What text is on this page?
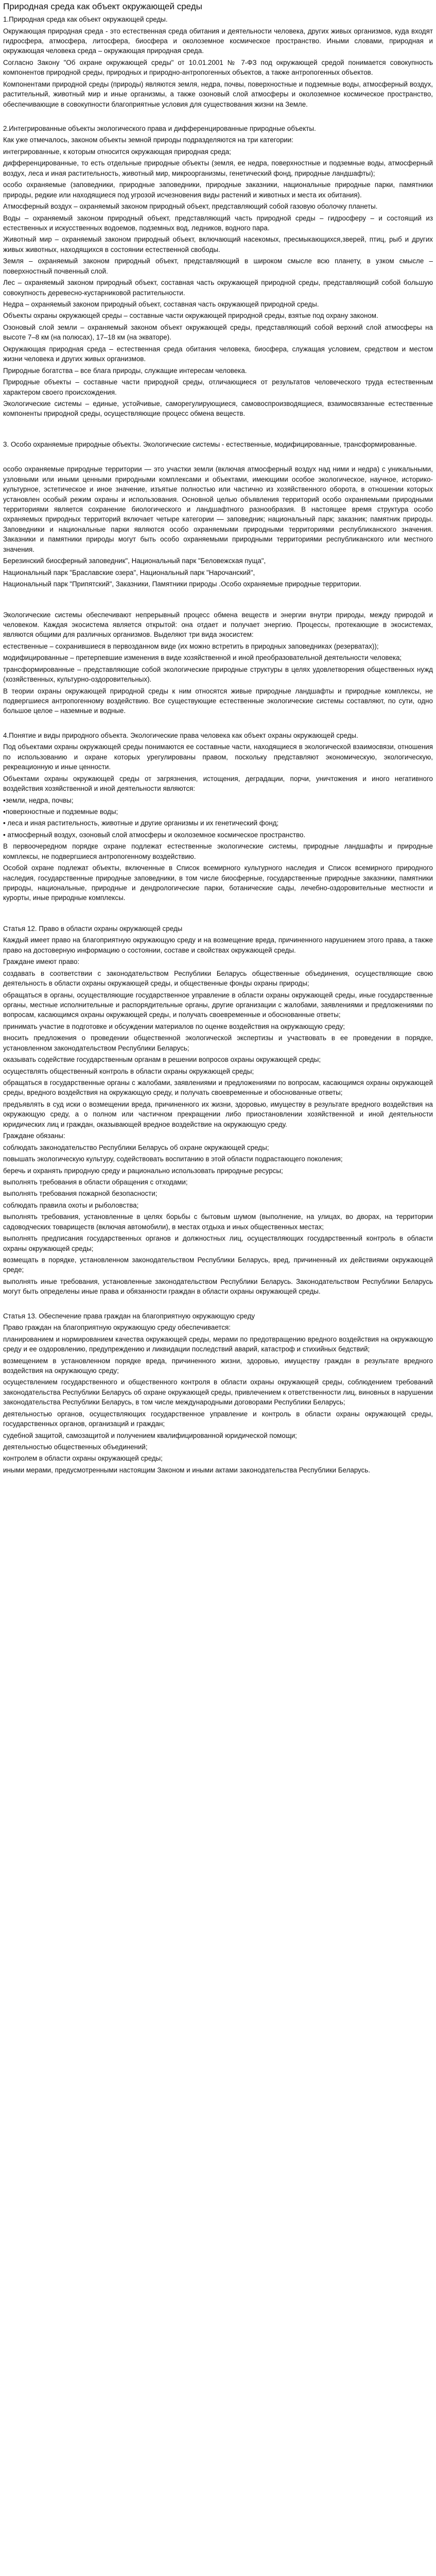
Природная среда как объект окружающей среды

1.Природная среда как объект окружающей среды.

Окружающая природная среда - это естественная среда обитания и деятельности человека, других живых организмов, куда входят гидросфера, атмосфера, литосфера, биосфера и околоземное космическое пространство. Иными словами, природная и окружающая человека среда – окружающая природная среда.

Согласно Закону "Об охране окружающей среды" от 10.01.2001 № 7-ФЗ под окружающей средой понимается совокупность компонентов природной среды, природных и природно-антропогенных объектов, а также антропогенных объектов.

Компонентами природной среды (природы) являются земля, недра, почвы, поверхностные и подземные воды, атмосферный воздух, растительный, животный мир и иные организмы, а также озоновый слой атмосферы и околоземное космическое пространство, обеспечивающие в совокупности благоприятные условия для существования жизни на Земле.

2.Интегрированные объекты экологического права и дифференцированные природные объекты.

Как уже отмечалось, законом объекты земной природы подразделяются на три категории:

интегрированные, к которым относится окружающая природная среда;

дифференцированные, то есть отдельные природные объекты (земля, ее недра, поверхностные и подземные воды, атмосферный воздух, леса и иная растительность, животный мир, микроорганизмы, генетический фонд, природные ландшафты);

особо охраняемые (заповедники, природные заповедники, природные заказники, национальные природные парки, памятники природы, редкие или находящиеся под угрозой исчезновения виды растений и животных и места их обитания).

Атмосферный воздух – охраняемый законом природный объект, представляющий собой газовую оболочку планеты.

Воды – охраняемый законом природный объект, представляющий часть природной среды – гидросферу – и состоящий из естественных и искусственных водоемов, подземных вод, ледников, водного пара.

Животный мир – охраняемый законом природный объект, включающий насекомых, пресмыкающихся,зверей, птиц, рыб и других живых животных, находящихся в состоянии естественной свободы.

Земля – охраняемый законом природный объект, представляющий в широком смысле всю планету, в узком смысле – поверхностный почвенный слой.

Лес – охраняемый законом природный объект, составная часть окружающей природной среды, представляющий собой большую совокупность деревесно-кустарниковой растительности.

Недра – охраняемый законом природный объект, составная часть окружающей природной среды.

Объекты охраны окружающей среды – составные части окружающей природной среды, взятые под охрану законом.

Озоновый слой земли – охраняемый законом объект окружающей среды, представляющий собой верхний слой атмосферы на высоте 7–8 км (на полюсах), 17–18 км (на экваторе).

Окружающая природная среда – естественная среда обитания человека, биосфера, служащая условием, средством и местом жизни человека и других живых организмов.

Природные богатства – все блага природы, служащие интересам человека.

Природные объекты – составные части природной среды, отличающиеся от результатов человеческого труда естественным характером своего происхождения.

Экологические системы – единые, устойчивые, саморегулирующиеся, самовоспроизводящиеся, взаимосвязанные естественные компоненты природной среды, осуществляющие процесс обмена веществ.

3. Особо охраняемые природные объекты. Экологические системы - естественные, модифицированные, трансформированные.

особо охраняемые природные территории — это участки земли (включая атмосферный воздух над ними и недра) с уникальными, узловными или иными ценными природными комплексами и объектами, имеющими особое экологическое, научное, историко-культурное, эстетическое и иное значение, изъятые полностью или частично из хозяйственного оборота, в отношении которых установлен особый режим охраны и использования. Основной целью объявления территорий особо охраняемыми природными территориями является сохранение биологического и ландшафтного разнообразия. В настоящее время структура особо охраняемых природных территорий включает четыре категории — заповедник; национальный парк; заказник; памятник природы. Заповедники и национальные парки являются особо охраняемыми природными территориями республиканского значения. Заказники и памятники природы могут быть особо охраняемыми природными территориями республиканского или местного значения.

Березинский биосферный заповедник", Национальный парк "Беловежская пуща",

Национальный парк "Браславские озера", Национальный парк "Нарочанский",

Национальный парк "Припятский", Заказники, Памятники природы .Особо охраняемые природные территории.

Экологические системы обеспечивают непрерывный процесс обмена веществ и энергии внутри природы, между природой и человеком. Каждая экосистема является открытой: она отдает и получает энергию. Процессы, протекающие в экосистемах, являются общими для различных организмов. Выделяют три вида экосистем:

естественные – сохранившиеся в первозданном виде (их можно встретить в природных заповедниках (резерватах));

модифицированные – претерпевшие изменения в виде хозяйственной и иной преобразовательной деятельности человека;

трансформированные – представляющие собой экологические природные структуры в целях удовлетворения общественных нужд (хозяйственных, культурно-оздоровительных).

В теории охраны окружающей природной среды к ним относятся живые природные ландшафты и природные комплексы, не подвергшиеся антропогенному воздействию. Все существующие естественные экологические системы составляют, по сути, одно большое целое – наземные и водные.

4.Понятие и виды природного объекта. Экологические права человека как объект охраны окружающей среды.

Под объектами охраны окружающей среды понимаются ее составные части, находящиеся в экологической взаимосвязи, отношения по использованию и охране которых урегулированы правом, поскольку представляют экономическую, экологическую, рекреационную и иные ценности.

Объектами охраны окружающей среды от загрязнения, истощения, деградации, порчи, уничтожения и иного негативного воздействия хозяйственной и иной деятельности являются:

•земли, недра, почвы;

•поверхностные и подземные воды;

• леса и иная растительность, животные и другие организмы и их генетический фонд;

• атмосферный воздух, озоновый слой атмосферы и околоземное космическое пространство.

В первоочередном порядке охране подлежат естественные экологические системы, природные ландшафты и природные комплексы, не подвергшиеся антропогенному воздействию.

Особой охране подлежат объекты, включенные в Список всемирного культурного наследия и Список всемирного природного наследия, государственные природные заповедники, в том числе биосферные, государственные природные заказники, памятники природы, национальные, природные и дендрологические парки, ботанические сады, лечебно-оздоровительные местности и курорты, иные природные комплексы.

Статья 12. Право в области охраны окружающей среды

Каждый имеет право на благоприятную окружающую среду и на возмещение вреда, причиненного нарушением этого права, а также право на достоверную информацию о состоянии, составе и свойствах окружающей среды.

Граждане имеют право:

создавать в соответствии с законодательством Республики Беларусь общественные объединения, осуществляющие свою деятельность в области охраны окружающей среды, и общественные фонды охраны природы;

обращаться в органы, осуществляющие государственное управление в области охраны окружающей среды, иные государственные органы, местные исполнительные и распорядительные органы, другие организации с жалобами, заявлениями и предложениями по вопросам, касающимся охраны окружающей среды, и получать своевременные и обоснованные ответы;

принимать участие в подготовке и обсуждении материалов по оценке воздействия на окружающую среду;

вносить предложения о проведении общественной экологической экспертизы и участвовать в ее проведении в порядке, установленном законодательством Республики Беларусь;

оказывать содействие государственным органам в решении вопросов охраны окружающей среды;

осуществлять общественный контроль в области охраны окружающей среды;

обращаться в государственные органы с жалобами, заявлениями и предложениями по вопросам, касающимся охраны окружающей среды, вредного воздействия на окружающую среду, и получать своевременные и обоснованные ответы;

предъявлять в суд иски о возмещении вреда, причиненного их жизни, здоровью, имуществу в результате вредного воздействия на окружающую среду, а о полном или частичном прекращении либо приостановлении хозяйственной и иной деятельности юридических лиц и граждан, оказывающей вредное воздействие на окружающую среду.

Граждане обязаны:

соблюдать законодательство Республики Беларусь об охране окружающей среды;

повышать экологическую культуру, содействовать воспитанию в этой области подрастающего поколения;

беречь и охранять природную среду и рационально использовать природные ресурсы;

выполнять требования в области обращения с отходами;

выполнять требования пожарной безопасности;

соблюдать правила охоты и рыболовства;

выполнять требования, установленные в целях борьбы с бытовым шумом (выполнение, на улицах, во дворах, на территории садоводческих товариществ (включая автомобили), в местах отдыха и иных общественных местах;

выполнять предписания государственных органов и должностных лиц, осуществляющих государственный контроль в области охраны окружающей среды;

возмещать в порядке, установленном законодательством Республики Беларусь, вред, причиненный их действиями окружающей среде;

выполнять иные требования, установленные законодательством Республики Беларусь. Законодательством Республики Беларусь могут быть определены иные права и обязанности граждан в области охраны окружающей среды.

Статья 13. Обеспечение права граждан на благоприятную окружающую среду

Право граждан на благоприятную окружающую среду обеспечивается:

планированием и нормированием качества окружающей среды, мерами по предотвращению вредного воздействия на окружающую среду и ее оздоровлению, предупреждению и ликвидации последствий аварий, катастроф и стихийных бедствий;

возмещением в установленном порядке вреда, причиненного жизни, здоровью, имуществу граждан в результате вредного воздействия на окружающую среду;

осуществлением государственного и общественного контроля в области охраны окружающей среды, соблюдением требований законодательства Республики Беларусь об охране окружающей среды, привлечением к ответственности лиц, виновных в нарушении законодательства Республики Беларусь, в том числе международными договорами Республики Беларусь;

деятельностью органов, осуществляющих государственное управление и контроль в области охраны окружающей среды, государственных органов, организаций и граждан;

судебной защитой, самозащитой и получением квалифицированной юридической помощи;

деятельностью общественных объединений;

контролем в области охраны окружающей среды;

иными мерами, предусмотренными настоящим Законом и иными актами законодательства Республики Беларусь.
